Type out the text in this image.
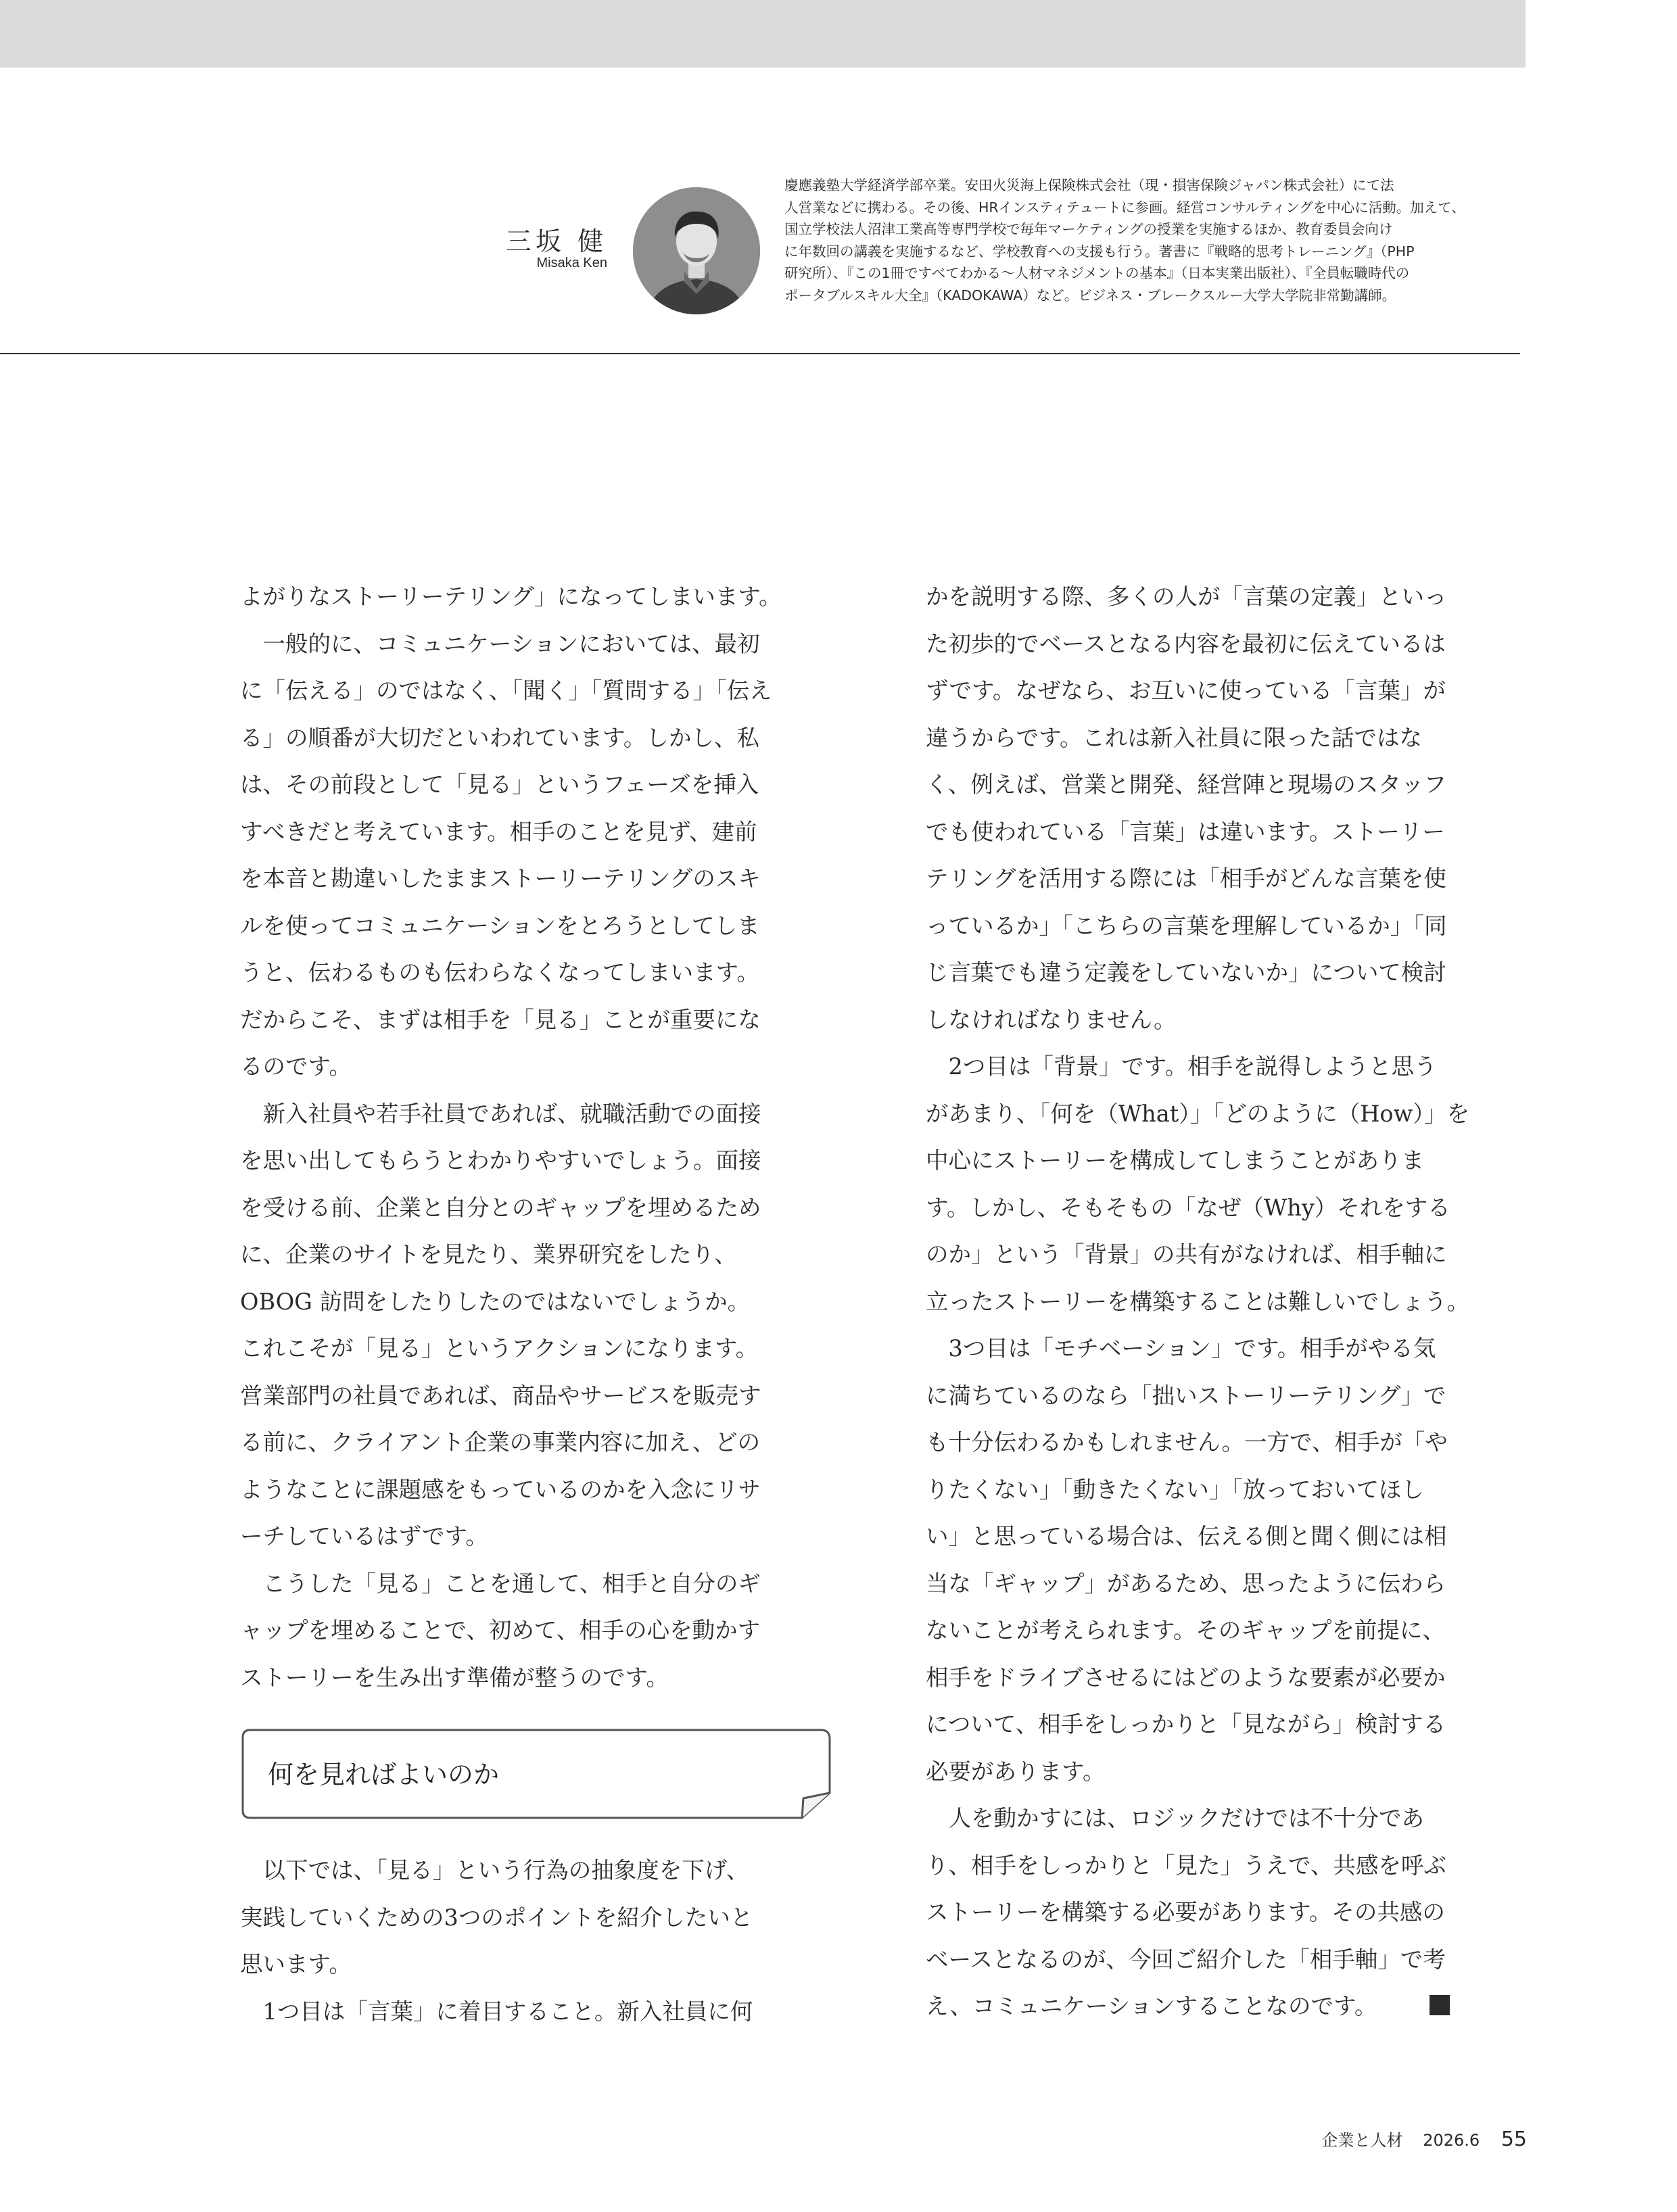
三坂 健
Misaka Ken

慶應義塾大学経済学部卒業。安田火災海上保険株式会社（現・損害保険ジャパン株式会社）にて法

人営業などに携わる。その後、HRインスティテュートに参画。経営コンサルティングを中心に活動。加えて、

国立学校法人沼津工業高等専門学校で毎年マーケティングの授業を実施するほか、教育委員会向け

に年数回の講義を実施するなど、学校教育への支援も行う。著書に『戦略的思考トレーニング』（PHP

研究所）、『この1冊ですべてわかる〜人材マネジメントの基本』（日本実業出版社）、『全員転職時代の

ポータブルスキル大全』（KADOKAWA）など。ビジネス・ブレークスルー大学大学院非常勤講師。

よがりなストーリーテリング」になってしまいます。

　一般的に、コミュニケーションにおいては、最初

に「伝える」のではなく、「聞く」「質問する」「伝え

る」の順番が大切だといわれています。しかし、私

は、その前段として「見る」というフェーズを挿入

すべきだと考えています。相手のことを見ず、建前

を本音と勘違いしたままストーリーテリングのスキ

ルを使ってコミュニケーションをとろうとしてしま

うと、伝わるものも伝わらなくなってしまいます。

だからこそ、まずは相手を「見る」ことが重要にな

るのです。

　新入社員や若手社員であれば、就職活動での面接

を思い出してもらうとわかりやすいでしょう。面接

を受ける前、企業と自分とのギャップを埋めるため

に、企業のサイトを見たり、業界研究をしたり、

OBOG 訪問をしたりしたのではないでしょうか。

これこそが「見る」というアクションになります。

営業部門の社員であれば、商品やサービスを販売す

る前に、クライアント企業の事業内容に加え、どの

ようなことに課題感をもっているのかを入念にリサ

ーチしているはずです。

　こうした「見る」ことを通して、相手と自分のギ

ャップを埋めることで、初めて、相手の心を動かす

ストーリーを生み出す準備が整うのです。

何を見ればよいのか

　以下では、「見る」という行為の抽象度を下げ、

実践していくための3つのポイントを紹介したいと

思います。

　1つ目は「言葉」に着目すること。新入社員に何

かを説明する際、多くの人が「言葉の定義」といっ

た初歩的でベースとなる内容を最初に伝えているは

ずです。なぜなら、お互いに使っている「言葉」が

違うからです。これは新入社員に限った話ではな

く、例えば、営業と開発、経営陣と現場のスタッフ

でも使われている「言葉」は違います。ストーリー

テリングを活用する際には「相手がどんな言葉を使

っているか」「こちらの言葉を理解しているか」「同

じ言葉でも違う定義をしていないか」について検討

しなければなりません。

　2つ目は「背景」です。相手を説得しようと思う

があまり、「何を（What）」「どのように（How）」を

中心にストーリーを構成してしまうことがありま

す。しかし、そもそもの「なぜ（Why）それをする

のか」という「背景」の共有がなければ、相手軸に

立ったストーリーを構築することは難しいでしょう。

　3つ目は「モチベーション」です。相手がやる気

に満ちているのなら「拙いストーリーテリング」で

も十分伝わるかもしれません。一方で、相手が「や

りたくない」「動きたくない」「放っておいてほし

い」と思っている場合は、伝える側と聞く側には相

当な「ギャップ」があるため、思ったように伝わら

ないことが考えられます。そのギャップを前提に、

相手をドライブさせるにはどのような要素が必要か

について、相手をしっかりと「見ながら」検討する

必要があります。

　人を動かすには、ロジックだけでは不十分であ

り、相手をしっかりと「見た」うえで、共感を呼ぶ

ストーリーを構築する必要があります。その共感の

ベースとなるのが、今回ご紹介した「相手軸」で考

え、コミュニケーションすることなのです。

企業と人材 2026.6 55
